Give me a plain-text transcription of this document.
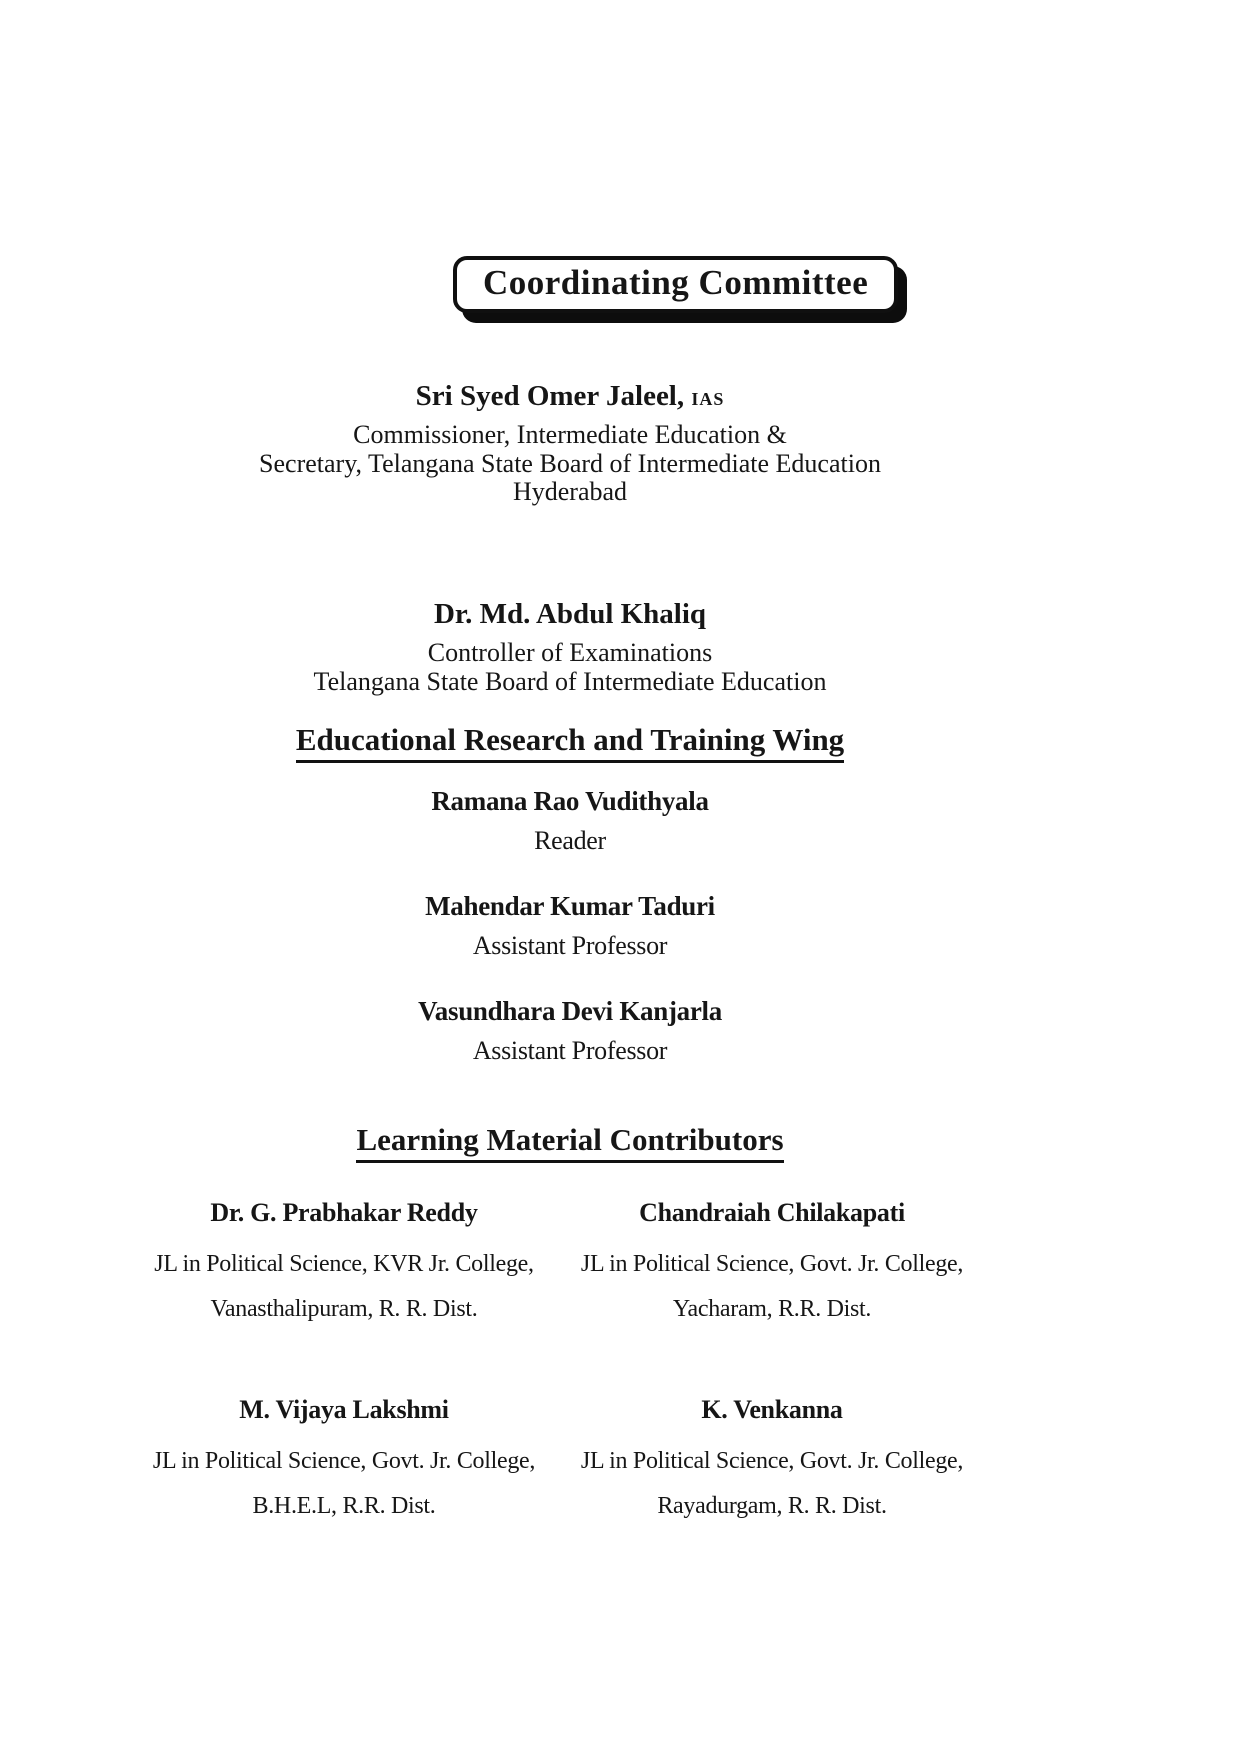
Coordinating Committee
Sri Syed Omer Jaleel, IAS
Commissioner, Intermediate Education &
Secretary, Telangana State Board of Intermediate Education
Hyderabad
Dr. Md. Abdul Khaliq
Controller of Examinations
Telangana State Board of Intermediate Education
Educational Research and Training Wing
Ramana Rao Vudithyala
Reader
Mahendar Kumar Taduri
Assistant Professor
Vasundhara Devi Kanjarla
Assistant Professor
Learning Material Contributors
Dr. G. Prabhakar Reddy
JL in Political Science, KVR Jr. College,
Vanasthalipuram, R. R. Dist.
Chandraiah Chilakapati
JL in Political Science, Govt. Jr. College,
Yacharam, R.R. Dist.
M. Vijaya Lakshmi
JL in Political Science, Govt. Jr. College,
B.H.E.L, R.R. Dist.
K. Venkanna
JL in Political Science, Govt. Jr. College,
Rayadurgam, R. R. Dist.
